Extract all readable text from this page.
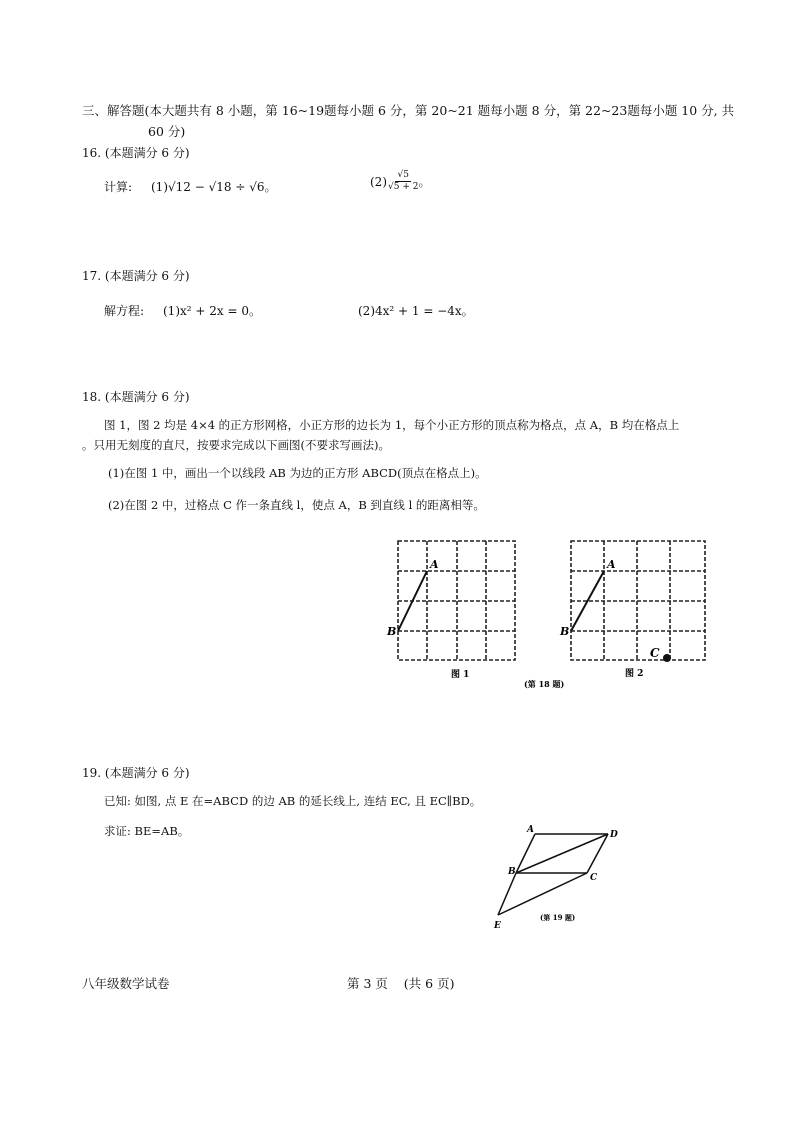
三、解答题(本大题共有 8 小题，第 16~19题每小题 6 分，第 20~21 题每小题 8 分，第 22~23题每小题 10 分, 共
60 分)
16. (本题满分 6 分)
计算: (1)√12 − √18 ÷ √6。	$(2) \frac{√5}{√5 + 2}$ 。
17. (本题满分 6 分)
解方程: (1)x² + 2x = 0。	(2)4x² + 1 = −4x。
18. (本题满分 6 分)
图 1，图 2 均是 4×4 的正方形网格，小正方形的边长为 1，每个小正方形的顶点称为格点，点 A，B 均在格点上
。只用无刻度的直尺，按要求完成以下画图(不要求写画法)。
(1)在图 1 中，画出一个以线段 AB 为边的正方形 ABCD(顶点在格点上)。
(2)在图 2 中，过格点 C 作一条直线 l，使点 A，B 到直线 l 的距离相等。
A
B
图 1
A
B
C
图 2
(第 18 题)
A	D
B
C
E
(第 19 题)
19. (本题满分 6 分)
已知: 如图, 点 E 在=ABCD 的边 AB 的延长线上, 连结 EC, 且 EC∥BD。
求证: BE=AB。
八年级数学试卷	第 3 页    (共 6 页)
